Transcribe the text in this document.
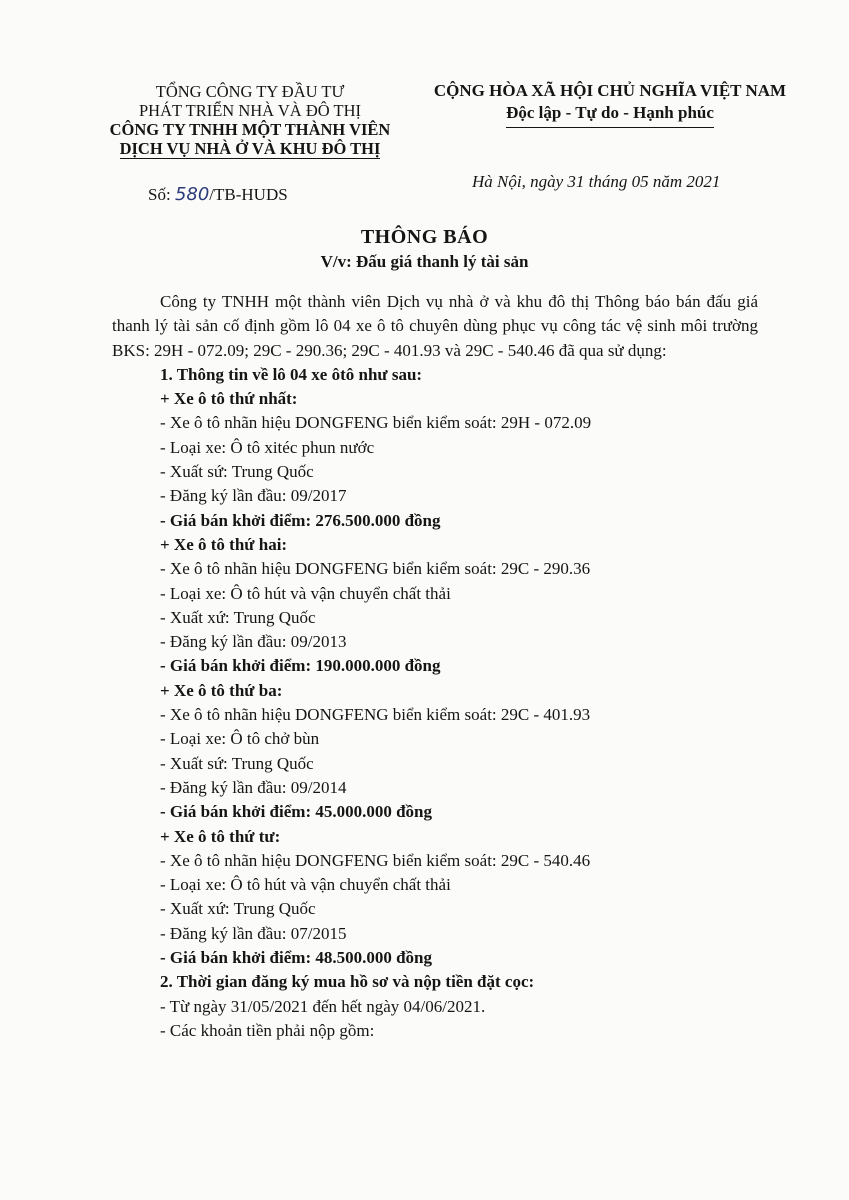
TỔNG CÔNG TY ĐẦU TƯ
PHÁT TRIỂN NHÀ VÀ ĐÔ THỊ
CÔNG TY TNHH MỘT THÀNH VIÊN
DỊCH VỤ NHÀ Ở VÀ KHU ĐÔ THỊ
CỘNG HÒA XÃ HỘI CHỦ NGHĨA VIỆT NAM
Độc lập - Tự do - Hạnh phúc
Số: 580/TB-HUDS
Hà Nội, ngày 31 tháng 05 năm 2021
THÔNG BÁO
V/v: Đấu giá thanh lý tài sản

Công ty TNHH một thành viên Dịch vụ nhà ở và khu đô thị Thông báo bán đấu giá thanh lý tài sản cố định gồm lô 04 xe ô tô chuyên dùng phục vụ công tác vệ sinh môi trường BKS: 29H - 072.09; 29C - 290.36; 29C - 401.93 và 29C - 540.46 đã qua sử dụng:

1. Thông tin về lô 04 xe ôtô như sau:

+ Xe ô tô thứ nhất:

- Xe ô tô nhãn hiệu DONGFENG biển kiểm soát: 29H - 072.09

- Loại xe: Ô tô xitéc phun nước

- Xuất sứ: Trung Quốc

- Đăng ký lần đầu: 09/2017

- Giá bán khởi điểm: 276.500.000 đồng

+ Xe ô tô thứ hai:

- Xe ô tô nhãn hiệu DONGFENG biển kiểm soát: 29C - 290.36

- Loại xe: Ô tô hút và vận chuyển chất thải

- Xuất xứ: Trung Quốc

- Đăng ký lần đầu: 09/2013

- Giá bán khởi điểm: 190.000.000 đồng

+ Xe ô tô thứ ba:

- Xe ô tô nhãn hiệu DONGFENG biển kiểm soát: 29C - 401.93

- Loại xe: Ô tô chở bùn

- Xuất sứ: Trung Quốc

- Đăng ký lần đầu: 09/2014

- Giá bán khởi điểm: 45.000.000 đồng

+ Xe ô tô thứ tư:

- Xe ô tô nhãn hiệu DONGFENG biển kiểm soát: 29C - 540.46

- Loại xe: Ô tô hút và vận chuyển chất thải

- Xuất xứ: Trung Quốc

- Đăng ký lần đầu: 07/2015

- Giá bán khởi điểm: 48.500.000 đồng

2. Thời gian đăng ký mua hồ sơ và nộp tiền đặt cọc:

- Từ ngày 31/05/2021 đến hết ngày 04/06/2021.

- Các khoản tiền phải nộp gồm:
